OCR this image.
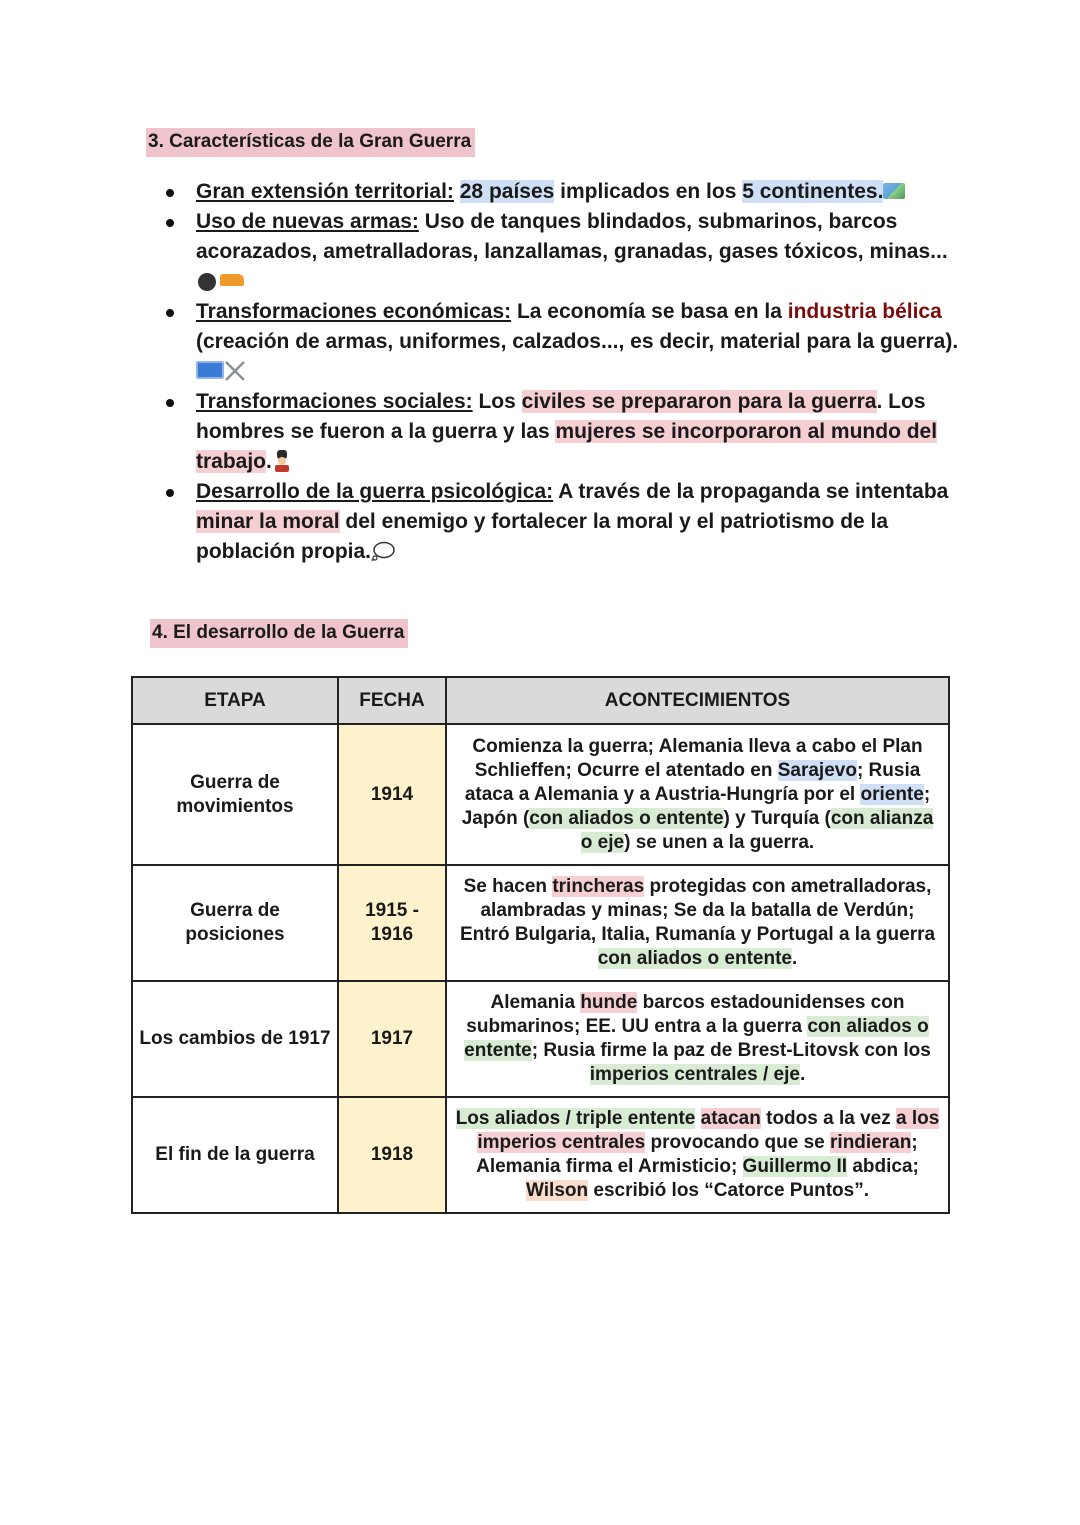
3. Características de la Gran Guerra
Gran extensión territorial: 28 países implicados en los 5 continentes.
Uso de nuevas armas: Uso de tanques blindados, submarinos, barcos acorazados, ametralladoras, lanzallamas, granadas, gases tóxicos, minas...
Transformaciones económicas: La economía se basa en la industria bélica (creación de armas, uniformes, calzados..., es decir, material para la guerra).
Transformaciones sociales: Los civiles se prepararon para la guerra. Los hombres se fueron a la guerra y las mujeres se incorporaron al mundo del trabajo.
Desarrollo de la guerra psicológica: A través de la propaganda se intentaba minar la moral del enemigo y fortalecer la moral y el patriotismo de la población propia.
4. El desarrollo de la Guerra
ETAPA	FECHA	ACONTECIMIENTOS
Guerra de movimientos	1914	Comienza la guerra; Alemania lleva a cabo el Plan Schlieffen; Ocurre el atentado en Sarajevo; Rusia ataca a Alemania y a Austria-Hungría por el oriente; Japón (con aliados o entente) y Turquía (con alianza o eje) se unen a la guerra.
Guerra de posiciones	1915 - 1916	Se hacen trincheras protegidas con ametralladoras, alambradas y minas; Se da la batalla de Verdún; Entró Bulgaria, Italia, Rumanía y Portugal a la guerra con aliados o entente.
Los cambios de 1917	1917	Alemania hunde barcos estadounidenses con submarinos; EE. UU entra a la guerra con aliados o entente; Rusia firme la paz de Brest-Litovsk con los imperios centrales / eje.
El fin de la guerra	1918	Los aliados / triple entente atacan todos a la vez a los imperios centrales provocando que se rindieran; Alemania firma el Armisticio; Guillermo II abdica; Wilson escribió los “Catorce Puntos”.
